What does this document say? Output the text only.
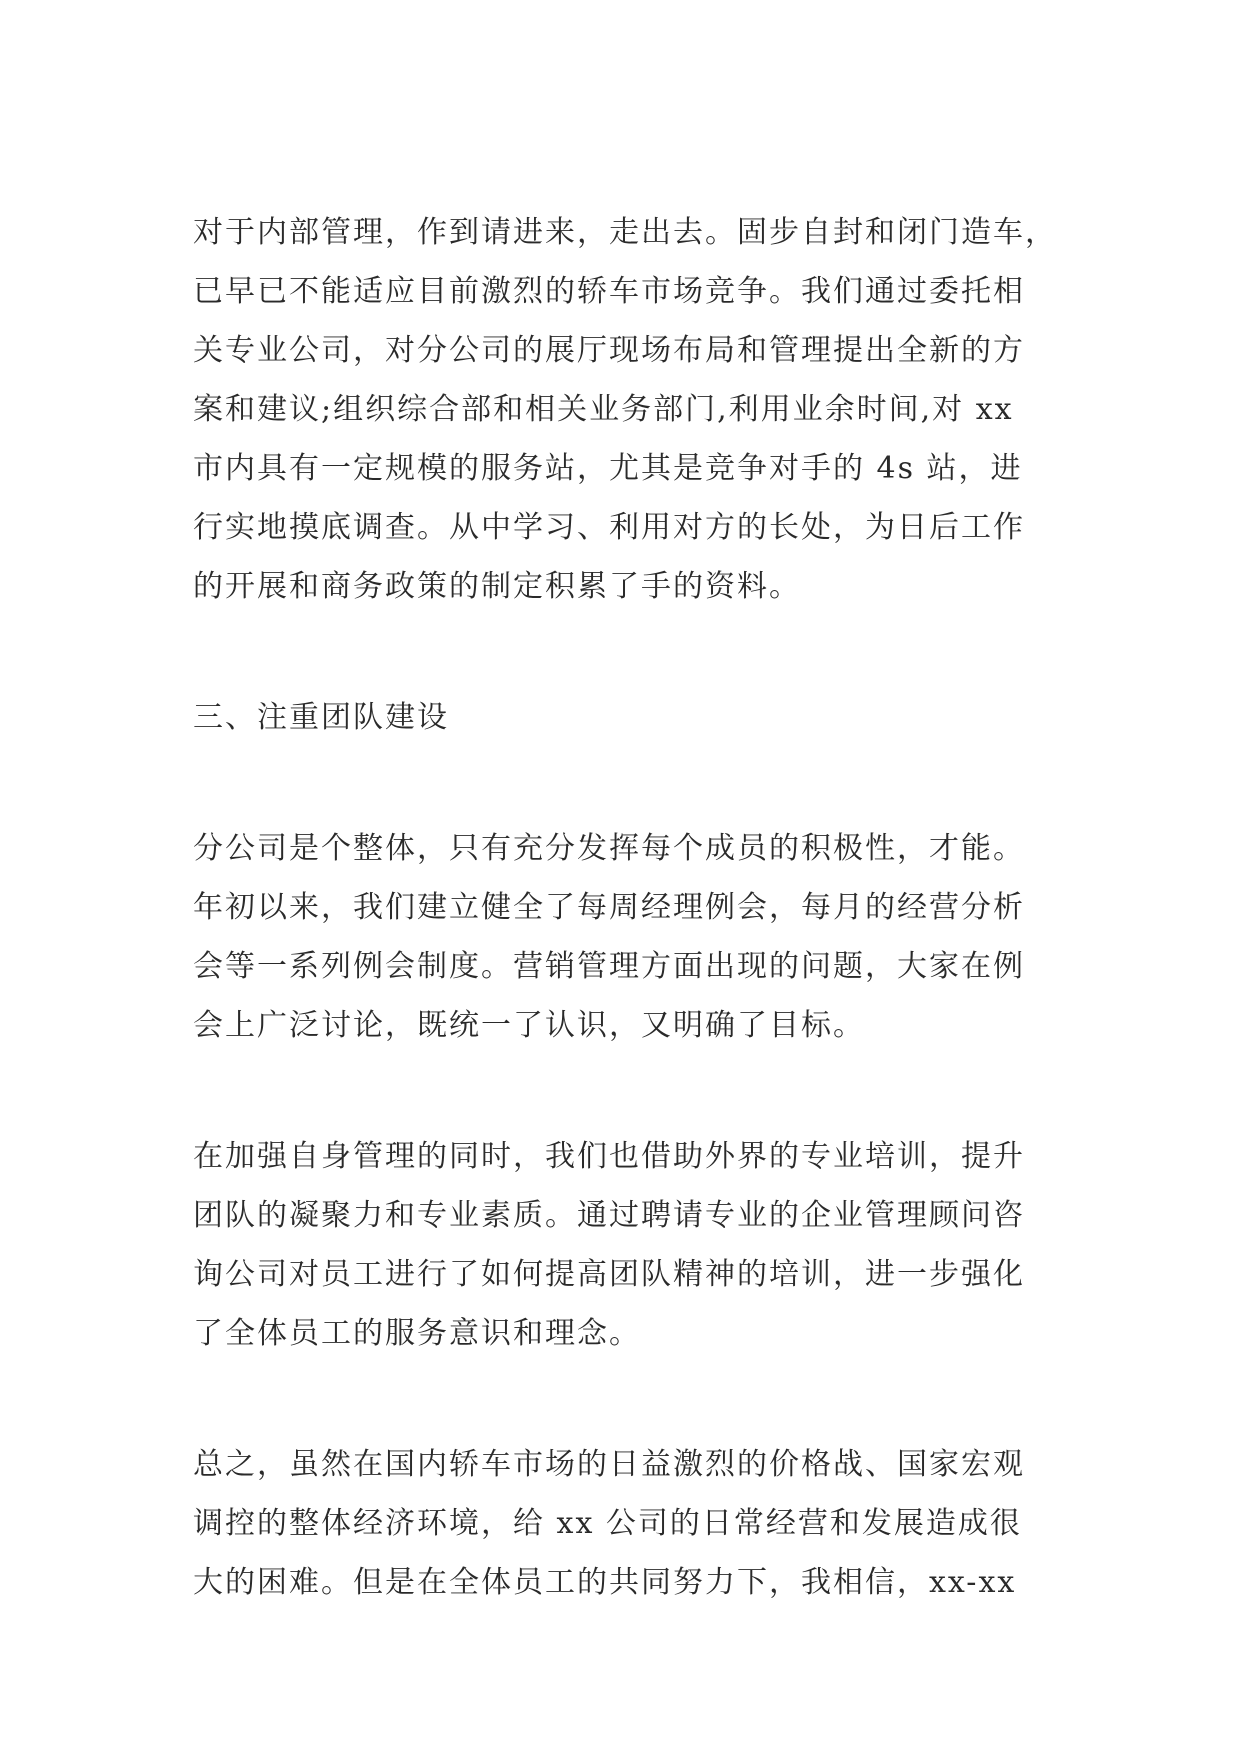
对于内部管理，作到请进来，走出去。固步自封和闭门造车，
已早已不能适应目前激烈的轿车市场竞争。我们通过委托相
关专业公司，对分公司的展厅现场布局和管理提出全新的方
案和建议;组织综合部和相关业务部门,利用业余时间,对 xx
市内具有一定规模的服务站，尤其是竞争对手的 4s 站，进
行实地摸底调查。从中学习、利用对方的长处，为日后工作
的开展和商务政策的制定积累了手的资料。
三、注重团队建设
分公司是个整体，只有充分发挥每个成员的积极性，才能。
年初以来，我们建立健全了每周经理例会，每月的经营分析
会等一系列例会制度。营销管理方面出现的问题，大家在例
会上广泛讨论，既统一了认识，又明确了目标。
在加强自身管理的同时，我们也借助外界的专业培训，提升
团队的凝聚力和专业素质。通过聘请专业的企业管理顾问咨
询公司对员工进行了如何提高团队精神的培训，进一步强化
了全体员工的服务意识和理念。
总之，虽然在国内轿车市场的日益激烈的价格战、国家宏观
调控的整体经济环境，给 xx 公司的日常经营和发展造成很
大的困难。但是在全体员工的共同努力下，我相信，xx-xx
